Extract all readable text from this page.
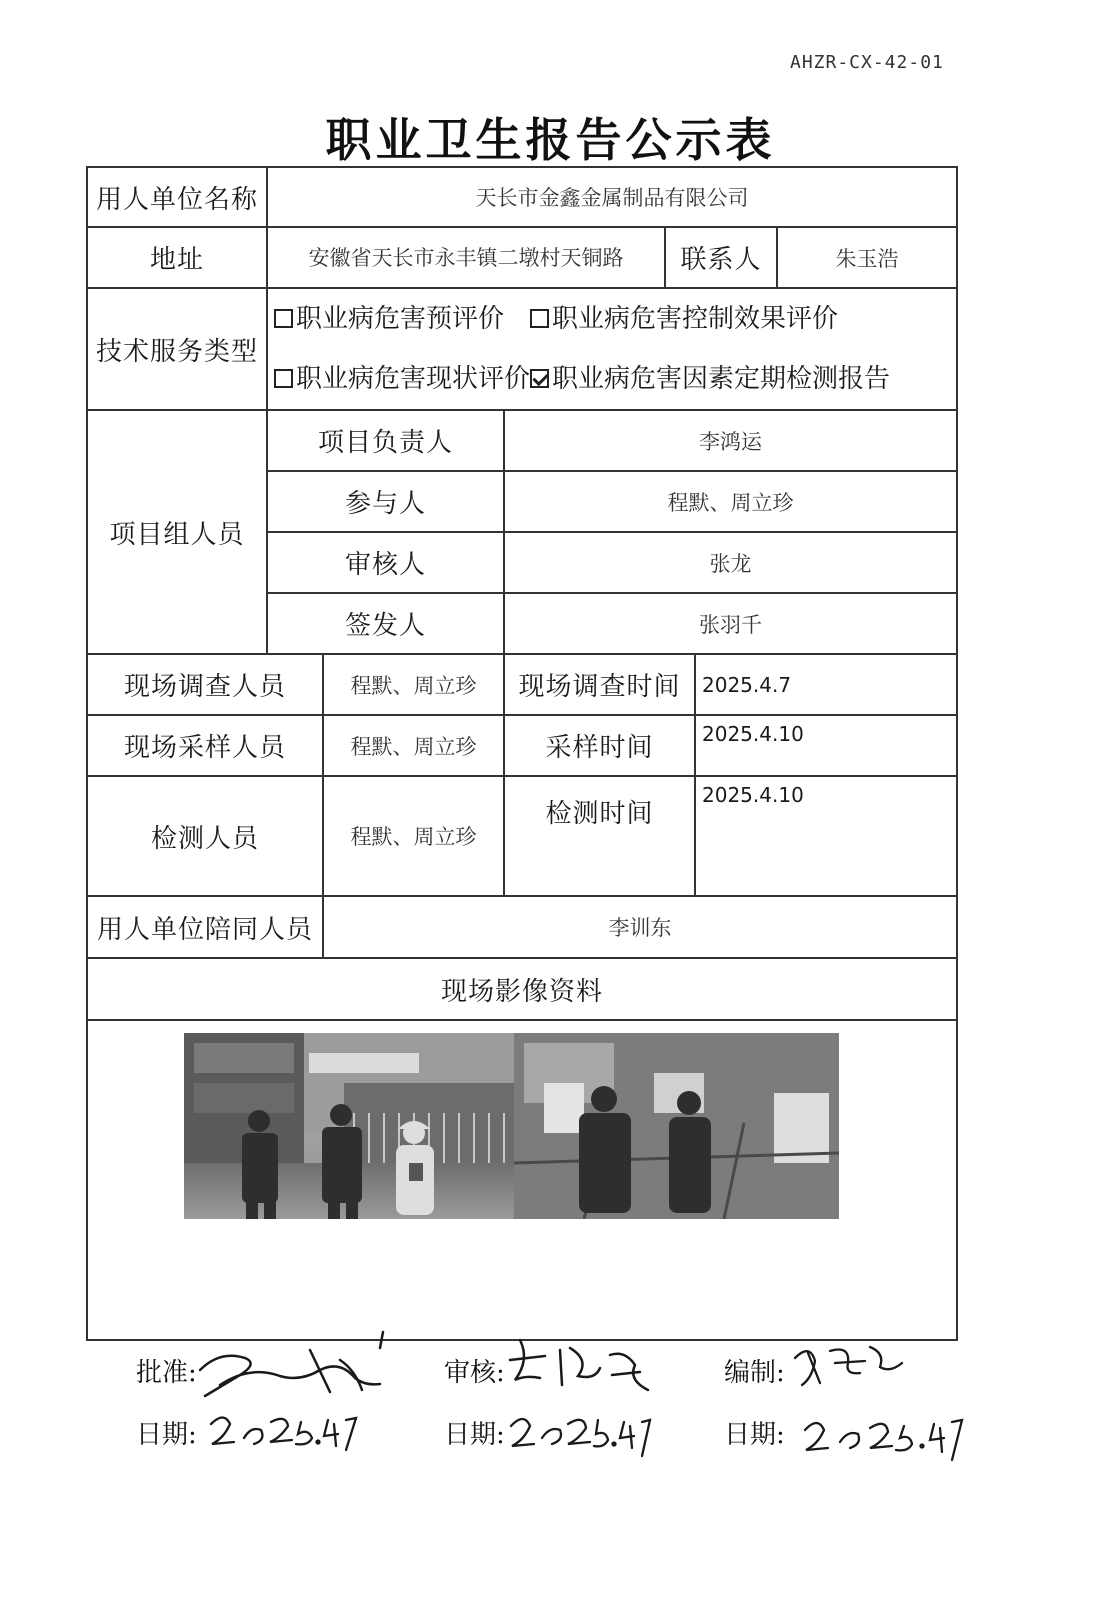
AHZR-CX-42-01
职业卫生报告公示表
用人单位名称	天长市金鑫金属制品有限公司					
地址	安徽省天长市永丰镇二墩村天铜路			联系人		朱玉浩
技术服务类型	职业病危害预评价 职业病危害控制效果评价
职业病危害现状评价 职业病危害因素定期检测报告					

项目组人员	项目负责人		李鸿运			
	参与人		程默、周立珍			
	审核人		张龙			
	签发人		张羽千			
现场调查人员		程默、周立珍	现场调查时间		2025.4.7	
现场采样人员		程默、周立珍	采样时间		2025.4.10	
检测人员		程默、周立珍	检测时间		2025.4.10	
用人单位陪同人员		李训东				
现场影像资料						

批准:	审核:	编制:
日期:	日期:	日期:
